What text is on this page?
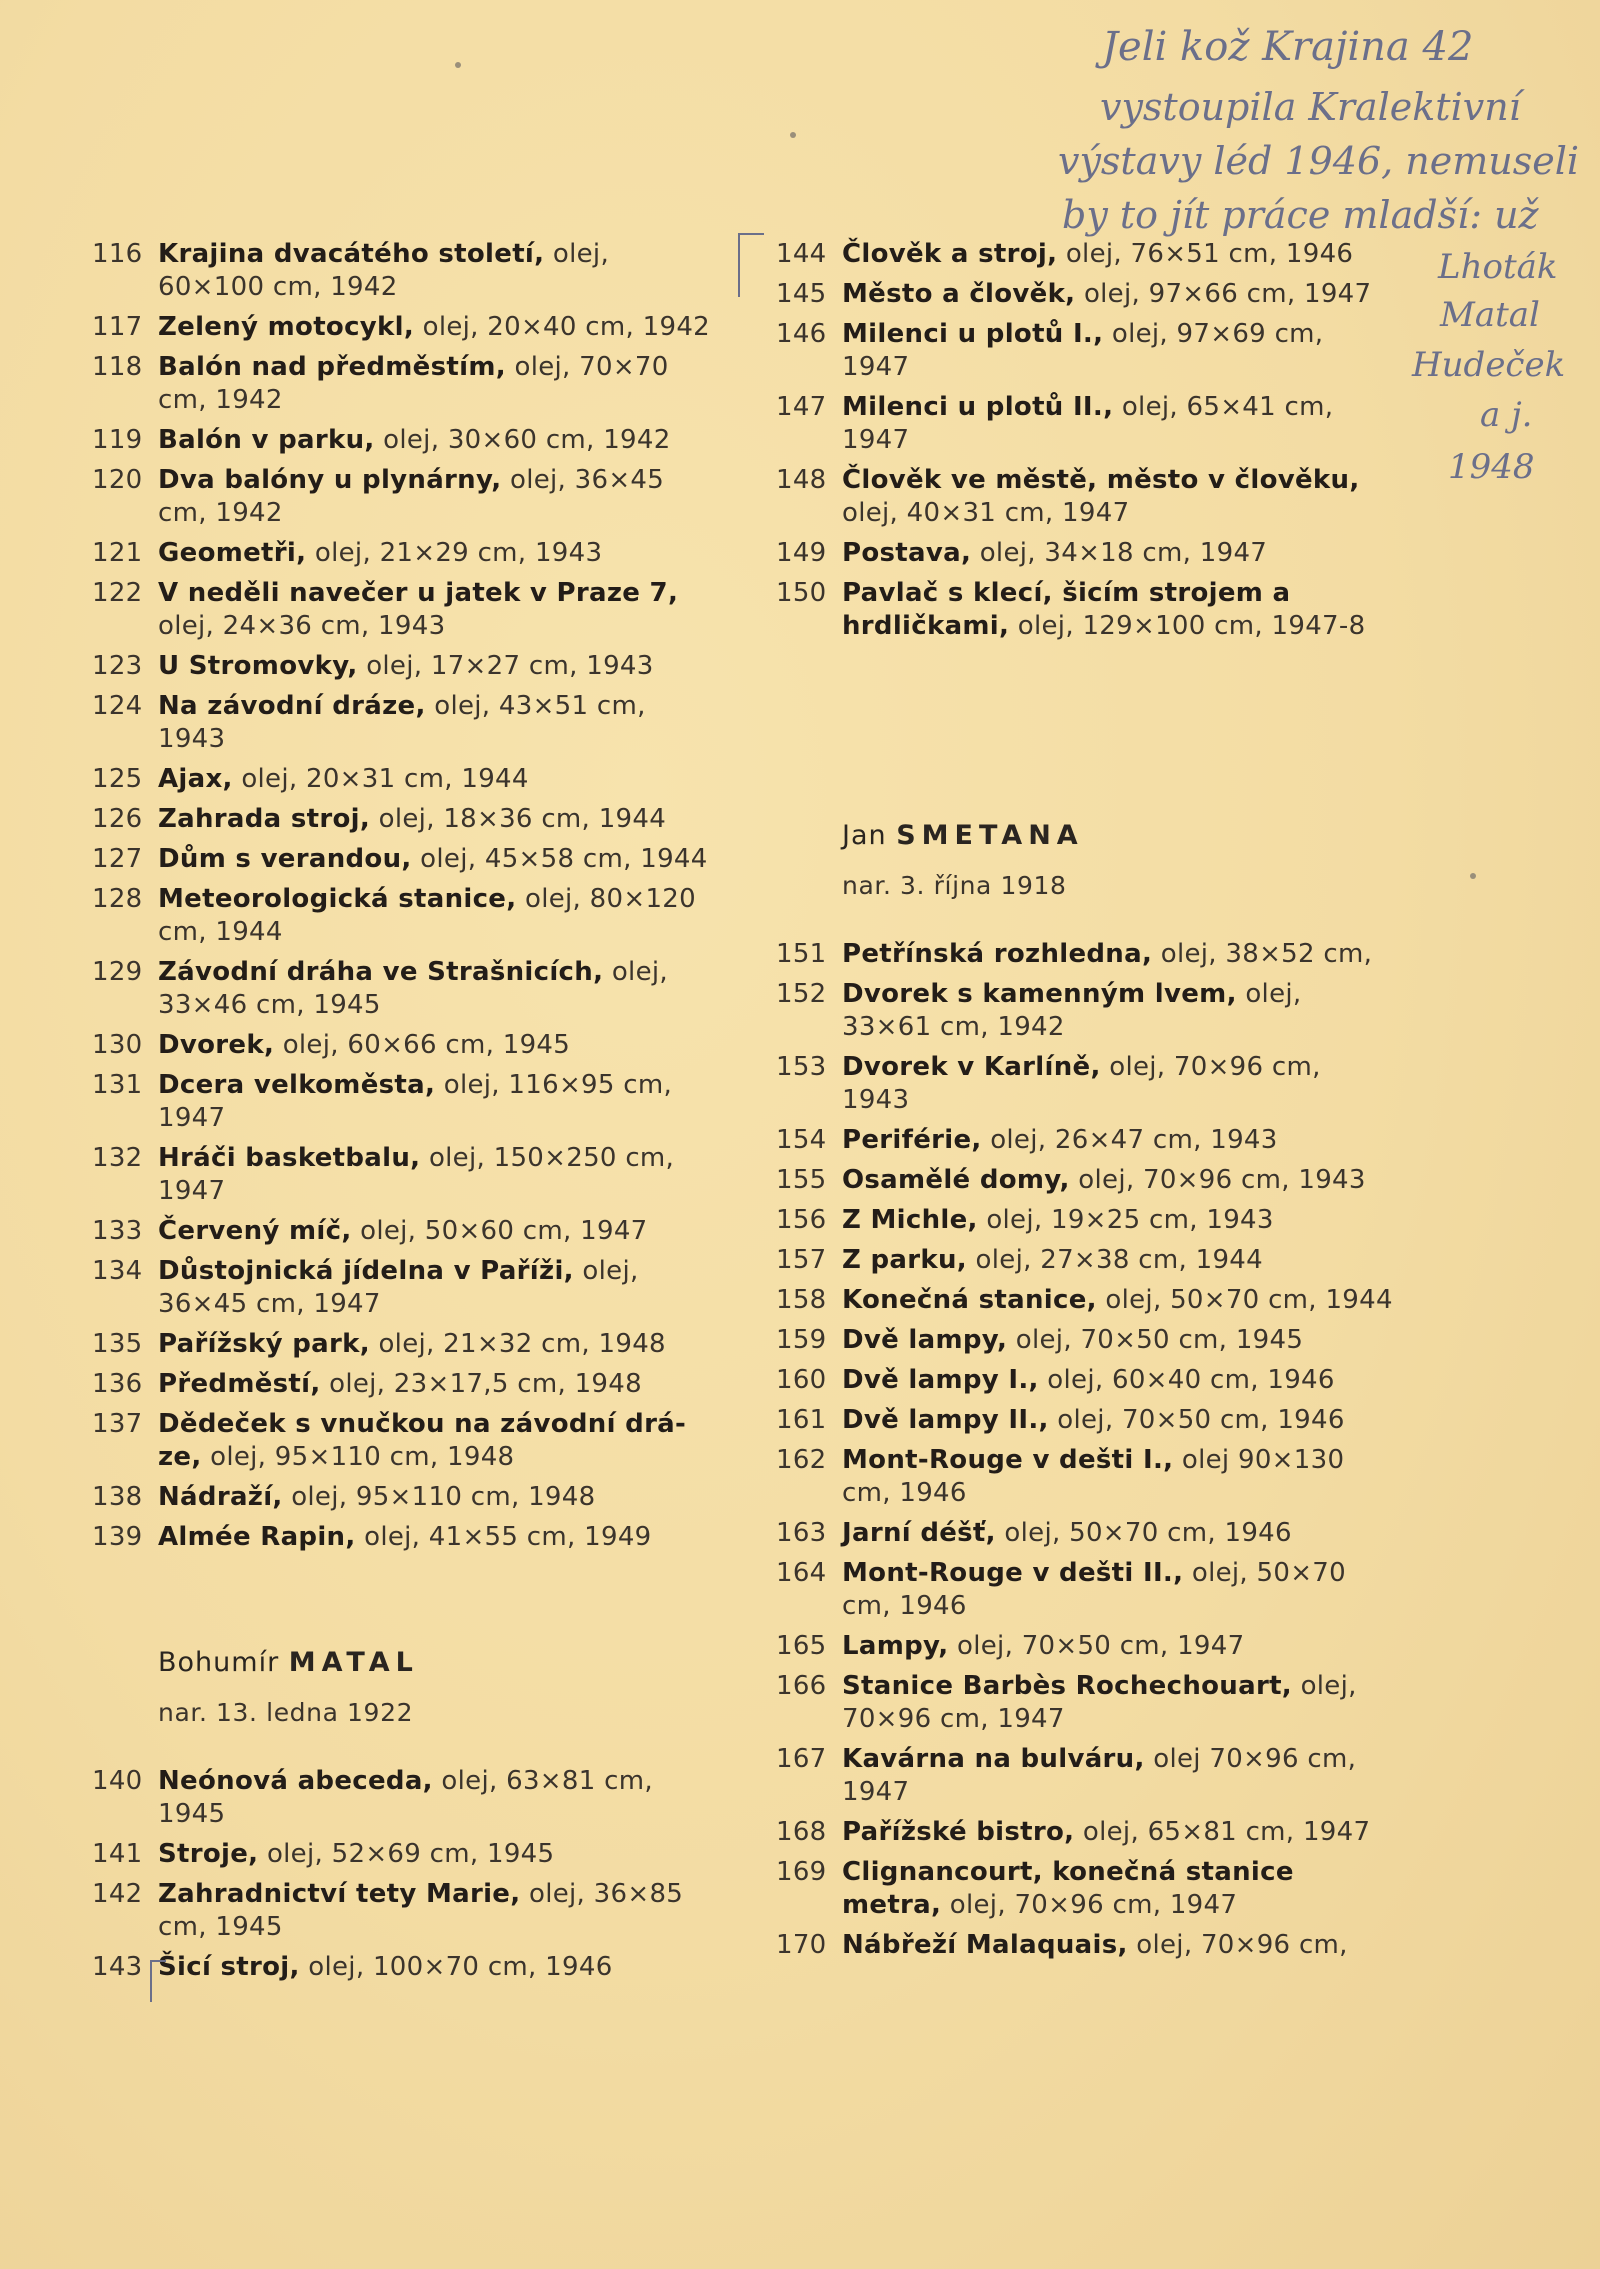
116 Krajina dvacátého století, olej, 60×100 cm, 1942
117 Zelený motocykl, olej, 20×40 cm, 1942
118 Balón nad předměstím, olej, 70×70 cm, 1942
119 Balón v parku, olej, 30×60 cm, 1942
120 Dva balóny u plynárny, olej, 36×45 cm, 1942
121 Geometři, olej, 21×29 cm, 1943
122 V neděli navečer u jatek v Praze 7, olej, 24×36 cm, 1943
123 U Stromovky, olej, 17×27 cm, 1943
124 Na závodní dráze, olej, 43×51 cm, 1943
125 Ajax, olej, 20×31 cm, 1944
126 Zahrada stroj, olej, 18×36 cm, 1944
127 Dům s verandou, olej, 45×58 cm, 1944
128 Meteorologická stanice, olej, 80×120 cm, 1944
129 Závodní dráha ve Strašnicích, olej, 33×46 cm, 1945
130 Dvorek, olej, 60×66 cm, 1945
131 Dcera velkoměsta, olej, 116×95 cm, 1947
132 Hráči basketbalu, olej, 150×250 cm, 1947
133 Červený míč, olej, 50×60 cm, 1947
134 Důstojnická jídelna v Paříži, olej, 36×45 cm, 1947
135 Pařížský park, olej, 21×32 cm, 1948
136 Předměstí, olej, 23×17,5 cm, 1948
137 Dědeček s vnučkou na závodní drá- ze, olej, 95×110 cm, 1948
138 Nádraží, olej, 95×110 cm, 1948
139 Almée Rapin, olej, 41×55 cm, 1949
Bohumír MATAL
nar. 13. ledna 1922
140 Neónová abeceda, olej, 63×81 cm, 1945
141 Stroje, olej, 52×69 cm, 1945
142 Zahradnictví tety Marie, olej, 36×85 cm, 1945
143 Šicí stroj, olej, 100×70 cm, 1946
144 Člověk a stroj, olej, 76×51 cm, 1946
145 Město a člověk, olej, 97×66 cm, 1947
146 Milenci u plotů I., olej, 97×69 cm, 1947
147 Milenci u plotů II., olej, 65×41 cm, 1947
148 Člověk ve městě, město v člověku, olej, 40×31 cm, 1947
149 Postava, olej, 34×18 cm, 1947
150 Pavlač s klecí, šicím strojem a hrdličkami, olej, 129×100 cm, 1947-8
Jan SMETANA
nar. 3. října 1918
151 Petřínská rozhledna, olej, 38×52 cm,
152 Dvorek s kamenným lvem, olej, 33×61 cm, 1942
153 Dvorek v Karlíně, olej, 70×96 cm, 1943
154 Periférie, olej, 26×47 cm, 1943
155 Osamělé domy, olej, 70×96 cm, 1943
156 Z Michle, olej, 19×25 cm, 1943
157 Z parku, olej, 27×38 cm, 1944
158 Konečná stanice, olej, 50×70 cm, 1944
159 Dvě lampy, olej, 70×50 cm, 1945
160 Dvě lampy I., olej, 60×40 cm, 1946
161 Dvě lampy II., olej, 70×50 cm, 1946
162 Mont-Rouge v dešti I., olej 90×130 cm, 1946
163 Jarní déšť, olej, 50×70 cm, 1946
164 Mont-Rouge v dešti II., olej, 50×70 cm, 1946
165 Lampy, olej, 70×50 cm, 1947
166 Stanice Barbès Rochechouart, olej, 70×96 cm, 1947
167 Kavárna na bulváru, olej 70×96 cm, 1947
168 Pařížské bistro, olej, 65×81 cm, 1947
169 Clignancourt, konečná stanice metra, olej, 70×96 cm, 1947
170 Nábřeží Malaquais, olej, 70×96 cm,
Jeli kož Krajina 42
vystoupila Kralektivní
výstavy léd 1946, nemuseli
by to jít práce mladší: už
Lhoták
Matal
Hudeček
a j.
1948
